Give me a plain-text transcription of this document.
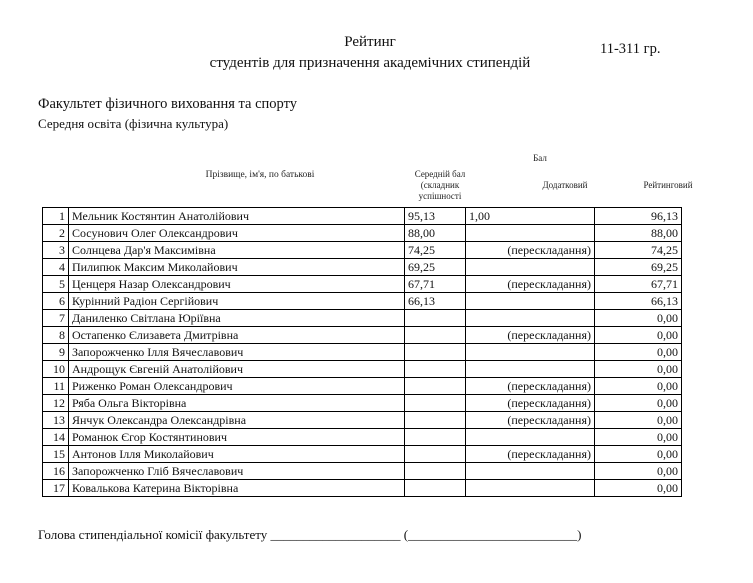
Рейтинг
студентів для призначення академічних стипендій
11-311 гр.
Факультет фізичного виховання та спорту
Середня освіта (фізична культура)
Прізвище, ім'я, по батькові
Бал
Середній бал (складник успішності
Додатковий	Рейтинговий
1	Мельник Костянтин Анатолійович	95,13	1,00	96,13	
2	Сосунович Олег Олександрович	88,00		88,00	
3	Солнцева Дар'я Максимівна	74,25	(перескладання)	74,25	
4	Пилипюк Максим Миколайович	69,25		69,25	
5	Ценцеря Назар Олександрович	67,71	(перескладання)	67,71	
6	Курінний Радіон Сергійович	66,13		66,13	
7	Даниленко Світлана Юріївна			0,00	
8	Остапенко Єлизавета Дмитрівна		(перескладання)	0,00	
9	Запорожченко Ілля Вячеславович			0,00	
10	Андрощук Євгеній Анатолійович			0,00	
11	Риженко Роман Олександрович		(перескладання)	0,00	
12	Ряба Ольга Вікторівна		(перескладання)	0,00	
13	Янчук Олександра Олександрівна		(перескладання)	0,00	
14	Романюк Єгор Костянтинович			0,00	
15	Антонов Ілля Миколайович		(перескладання)	0,00	
16	Запорожченко Гліб Вячеславович			0,00	
17	Ковалькова Катерина Вікторівна			0,00	
Голова стипендіальної комісії факультету ____________________ (__________________________)
